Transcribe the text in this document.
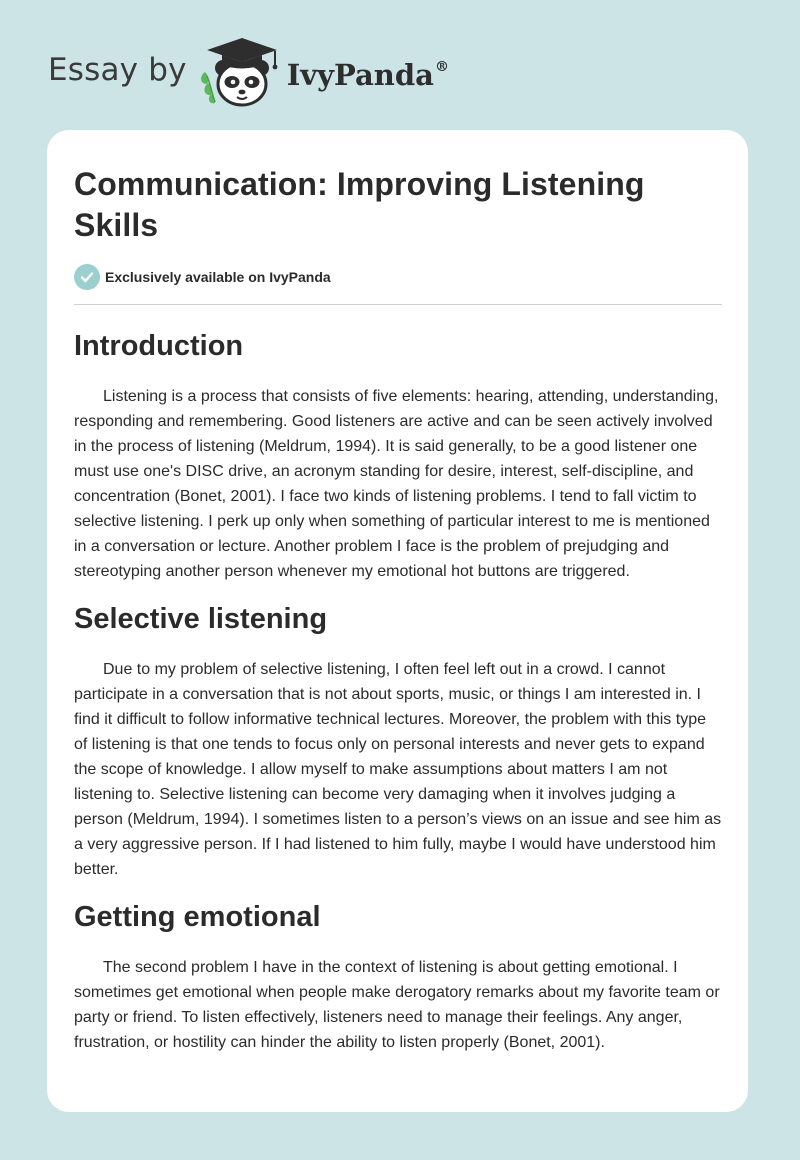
Essay by	IvyPanda®
Communication: Improving Listening Skills
Exclusively available on IvyPanda
Introduction

Listening is a process that consists of five elements: hearing, attending, understanding, responding and remembering. Good listeners are active and can be seen actively involved in the process of listening (Meldrum, 1994). It is said generally, to be a good listener one must use one's DISC drive, an acronym standing for desire, interest, self-discipline, and concentration (Bonet, 2001). I face two kinds of listening problems. I tend to fall victim to selective listening. I perk up only when something of particular interest to me is mentioned in a conversation or lecture. Another problem I face is the problem of prejudging and stereotyping another person whenever my emotional hot buttons are triggered.

Selective listening

Due to my problem of selective listening, I often feel left out in a crowd. I cannot participate in a conversation that is not about sports, music, or things I am interested in. I find it difficult to follow informative technical lectures. Moreover, the problem with this type of listening is that one tends to focus only on personal interests and never gets to expand the scope of knowledge. I allow myself to make assumptions about matters I am not listening to. Selective listening can become very damaging when it involves judging a person (Meldrum, 1994). I sometimes listen to a person’s views on an issue and see him as a very aggressive person. If I had listened to him fully, maybe I would have understood him better.

Getting emotional

The second problem I have in the context of listening is about getting emotional. I sometimes get emotional when people make derogatory remarks about my favorite team or party or friend. To listen effectively, listeners need to manage their feelings. Any anger, frustration, or hostility can hinder the ability to listen properly (Bonet, 2001).
